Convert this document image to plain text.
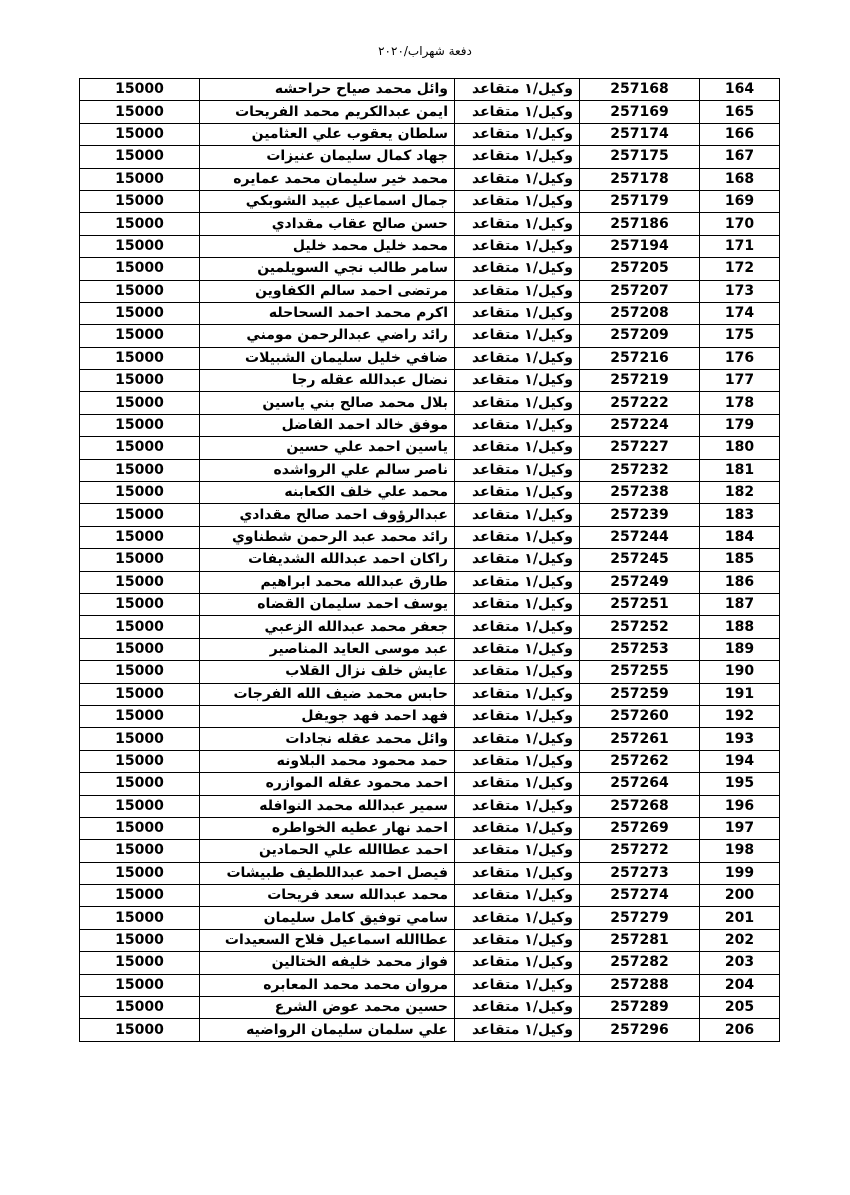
دفعة شهراب/٢٠٢٠
164	257168	وكيل/١ متقاعد	وائل محمد صياح حراحشه	15000
165	257169	وكيل/١ متقاعد	ايمن عبدالكريم محمد الفريحات	15000
166	257174	وكيل/١ متقاعد	سلطان يعقوب علي العثامين	15000
167	257175	وكيل/١ متقاعد	جهاد كمال سليمان عنيزات	15000
168	257178	وكيل/١ متقاعد	محمد خير سليمان محمد عمايره	15000
169	257179	وكيل/١ متقاعد	جمال اسماعيل عبيد الشوبكي	15000
170	257186	وكيل/١ متقاعد	حسن صالح عقاب مقدادي	15000
171	257194	وكيل/١ متقاعد	محمد خليل محمد خليل	15000
172	257205	وكيل/١ متقاعد	سامر طالب نجي السويلمين	15000
173	257207	وكيل/١ متقاعد	مرتضى احمد سالم الكفاوين	15000
174	257208	وكيل/١ متقاعد	اكرم محمد احمد السحاحله	15000
175	257209	وكيل/١ متقاعد	رائد راضي عبدالرحمن مومني	15000
176	257216	وكيل/١ متقاعد	ضافي خليل سليمان الشبيلات	15000
177	257219	وكيل/١ متقاعد	نضال عبدالله عقله رجا	15000
178	257222	وكيل/١ متقاعد	بلال محمد صالح بني ياسين	15000
179	257224	وكيل/١ متقاعد	موفق خالد احمد الفاضل	15000
180	257227	وكيل/١ متقاعد	ياسين احمد علي حسين	15000
181	257232	وكيل/١ متقاعد	ناصر سالم علي الرواشده	15000
182	257238	وكيل/١ متقاعد	محمد علي خلف الكعابنه	15000
183	257239	وكيل/١ متقاعد	عبدالرؤوف احمد صالح مقدادي	15000
184	257244	وكيل/١ متقاعد	رائد محمد عبد الرحمن شطناوي	15000
185	257245	وكيل/١ متقاعد	راكان احمد عبدالله الشديفات	15000
186	257249	وكيل/١ متقاعد	طارق عبدالله محمد ابراهيم	15000
187	257251	وكيل/١ متقاعد	يوسف احمد سليمان القضاه	15000
188	257252	وكيل/١ متقاعد	جعفر محمد عبدالله الزعبي	15000
189	257253	وكيل/١ متقاعد	عبد موسى العايد المناصير	15000
190	257255	وكيل/١ متقاعد	عايش خلف نزال القلاب	15000
191	257259	وكيل/١ متقاعد	حابس محمد ضيف الله الفرجات	15000
192	257260	وكيل/١ متقاعد	فهد احمد فهد جويفل	15000
193	257261	وكيل/١ متقاعد	وائل محمد عقله نجادات	15000
194	257262	وكيل/١ متقاعد	حمد محمود محمد البلاونه	15000
195	257264	وكيل/١ متقاعد	احمد محمود عقله الموازره	15000
196	257268	وكيل/١ متقاعد	سمير عبدالله محمد النوافله	15000
197	257269	وكيل/١ متقاعد	احمد نهار عطيه الخواطره	15000
198	257272	وكيل/١ متقاعد	احمد عطاالله علي الحمادين	15000
199	257273	وكيل/١ متقاعد	فيصل احمد عبداللطيف طبيشات	15000
200	257274	وكيل/١ متقاعد	محمد عبدالله سعد فريحات	15000
201	257279	وكيل/١ متقاعد	سامي توفيق كامل سليمان	15000
202	257281	وكيل/١ متقاعد	عطاالله اسماعيل فلاح السعيدات	15000
203	257282	وكيل/١ متقاعد	فواز محمد خليفه الختالين	15000
204	257288	وكيل/١ متقاعد	مروان محمد محمد المعابره	15000
205	257289	وكيل/١ متقاعد	حسين محمد عوض الشرع	15000
206	257296	وكيل/١ متقاعد	علي سلمان سليمان الرواضيه	15000
